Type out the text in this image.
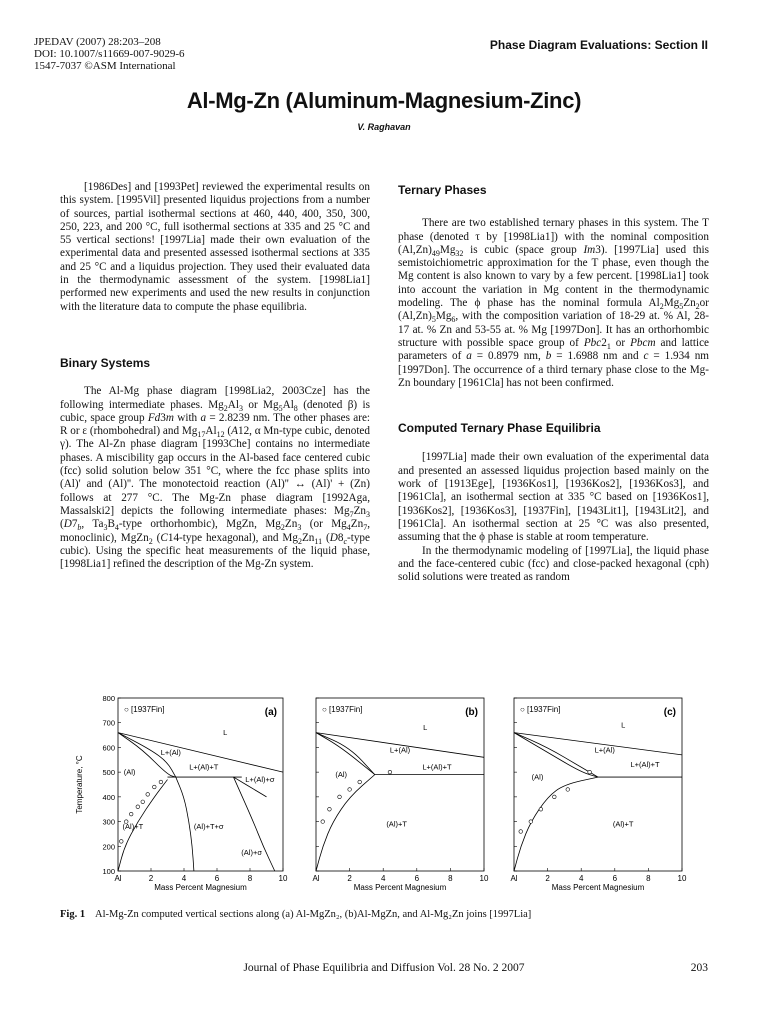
JPEDAV (2007) 28:203–208
DOI: 10.1007/s11669-007-9029-6
1547-7037 ©ASM International
Phase Diagram Evaluations: Section II
Al-Mg-Zn (Aluminum-Magnesium-Zinc)
V. Raghavan

[1986Des] and [1993Pet] reviewed the experimental results on this system. [1995Vil] presented liquidus projections from a number of sources, partial isothermal sections at 460, 440, 400, 350, 300, 250, 223, and 200 °C, full isothermal sections at 335 and 25 °C and 55 vertical sections! [1997Lia] made their own evaluation of the experimental data and presented assessed isothermal sections at 335 and 25 °C and a liquidus projection. They used their evaluated data in the thermodynamic assessment of the system. [1998Lia1] performed new experiments and used the new results in conjunction with the literature data to compute the phase equilibria.

Binary Systems

The Al-Mg phase diagram [1998Lia2, 2003Cze] has the following intermediate phases. $Mg_2Al_3$ or $Mg_5Al_8$ (denoted β) is cubic, space group Fd3m with a = 2.8239 nm. The other phases are: R or ε (rhombohedral) and $Mg_{17}Al_{12}$ (A12, α Mn-type cubic, denoted γ). The Al-Zn phase diagram [1993Che] contains no intermediate phases. A miscibility gap occurs in the Al-based face centered cubic (fcc) solid solution below 351 °C, where the fcc phase splits into (Al)' and (Al)''. The monotectoid reaction (Al)'' ↔ (Al)' + (Zn) follows at 277 °C. The Mg-Zn phase diagram [1992Aga, Massalski2] depicts the following intermediate phases: $Mg_7Zn_3$ ($D7_b$, $Ta_3B_4$-type orthorhombic), MgZn, $Mg_2Zn_3$ (or $Mg_4Zn_7$, monoclinic), MgZn$_2$ (C14-type hexagonal), and $Mg_2Zn_{11}$ ($D8_c$-type cubic). Using the specific heat measurements of the liquid phase, [1998Lia1] refined the description of the Mg-Zn system.

Ternary Phases

There are two established ternary phases in this system. The T phase (denoted τ by [1998Lia1]) with the nominal composition $(Al,Zn)_{49}Mg_{32}$ is cubic (space group Im3). [1997Lia] used this semistoichiometric approximation for the T phase, even though the Mg content is also known to vary by a few percent. [1998Lia1] took into account the variation in Mg content in the thermodynamic modeling. The ϕ phase has the nominal formula $Al_2Mg_5Zn_2or$ $(Al,Zn)_5Mg_6$, with the composition variation of 18-29 at. % Al, 28-17 at. % Zn and 53-55 at. % Mg [1997Don]. It has an orthorhombic structure with possible space group of $Pbc2_1$ or Pbcm and lattice parameters of a = 0.8979 nm, b = 1.6988 nm and c = 1.934 nm [1997Don]. The occurrence of a third ternary phase close to the Mg-Zn boundary [1961Cla] has not been confirmed.

Computed Ternary Phase Equilibria

[1997Lia] made their own evaluation of the experimental data and presented an assessed liquidus projection based mainly on the work of [1913Ege], [1936Kos1], [1936Kos2], [1936Kos3], and [1961Cla], an isothermal section at 335 °C based on [1936Kos1], [1936Kos2], [1936Kos3], [1937Fin], [1943Lit1], [1943Lit2], and [1961Cla]. An isothermal section at 25 °C was also presented, assuming that the ϕ phase is stable at room temperature.

In the thermodynamic modeling of [1997Lia], the liquid phase and the face-centered cubic (fcc) and close-packed hexagonal (cph) solid solutions were treated as random

Al	2	4	6	8	10
100
200
300
400
500
600
700
800
Temperature, °C
Mass Percent Magnesium
○ [1937Fin]	(a)
L
L+(Al)
L+(Al)+T
L+(Al)+σ
(Al)
(Al)+T	(Al)+T+σ
(Al)+σ
Al	2	4	6	8	10
Mass Percent Magnesium
○ [1937Fin]	(b)
L
L+(Al)
L+(Al)+T
(Al)
(Al)+T
Al	2	4	6	8	10
Mass Percent Magnesium
○ [1937Fin]	(c)
L
L+(Al)
L+(Al)+T
(Al)
(Al)+T
Fig. 1 Al-Mg-Zn computed vertical sections along (a) Al-MgZn₂, (b)Al-MgZn, and Al-Mg₂Zn joins [1997Lia]
Journal of Phase Equilibria and Diffusion Vol. 28 No. 2 2007	203
